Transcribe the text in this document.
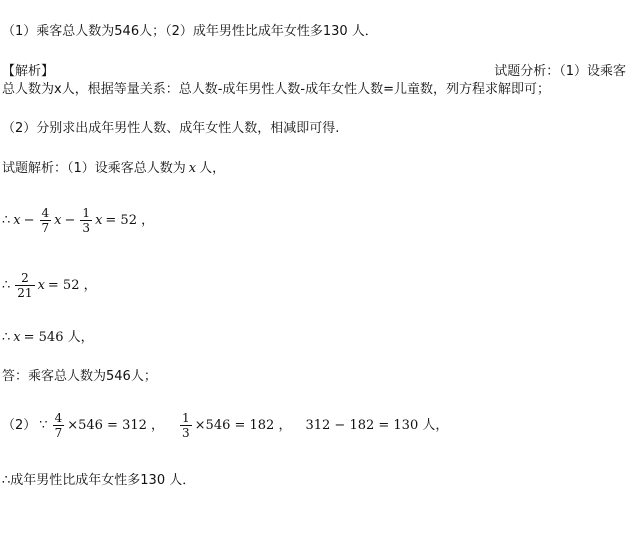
（1）乘客总人数为546人；（2）成年男性比成年女性多130 人．
【解析】	试题分析：（1）设乘客
总人数为x人，根据等量关系：总人数-成年男性人数-成年女性人数=儿童数，列方程求解即可；
（2）分别求出成年男性人数、成年女性人数，相减即可得.
试题解析：（1）设乘客总人数为 x 人，
∴ $x - \frac{4}{7}$ $x - \frac{1}{3}$ x = 52 ，
∴ $\frac{2}{21}$ x = 52 ，
∴ x = 546 人，
答：乘客总人数为546人；
（2） ∵ $\frac{4}{7} \times 546 = 312$ ， $\frac{1}{3} \times 546 = 182$ ， 312 − 182 = 130 人，
∴成年男性比成年女性多130 人．
